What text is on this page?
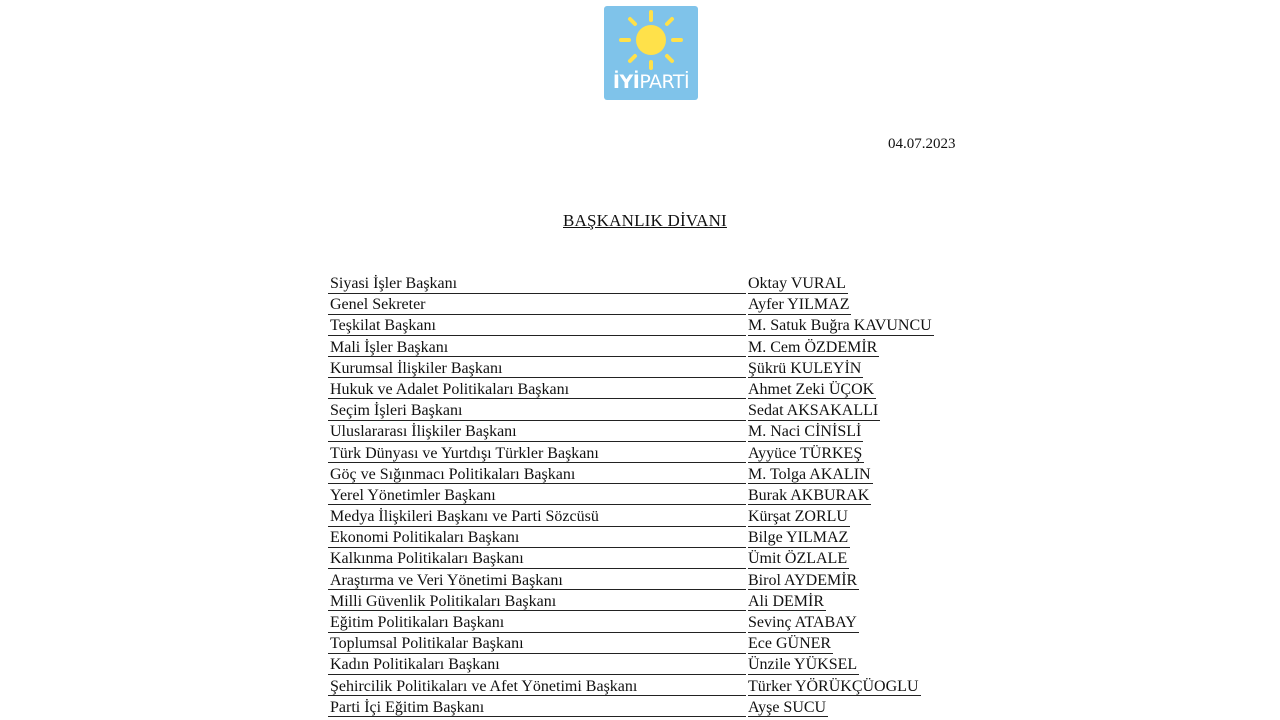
İYİPARTİ
04.07.2023
BAŞKANLIK DİVANI
Siyasi İşler Başkanı	Oktay VURAL
Genel Sekreter	Ayfer YILMAZ
Teşkilat Başkanı	M. Satuk Buğra KAVUNCU
Mali İşler Başkanı	M. Cem ÖZDEMİR
Kurumsal İlişkiler Başkanı	Şükrü KULEYİN
Hukuk ve Adalet Politikaları Başkanı	Ahmet Zeki ÜÇOK
Seçim İşleri Başkanı	Sedat AKSAKALLI
Uluslararası İlişkiler Başkanı	M. Naci CİNİSLİ
Türk Dünyası ve Yurtdışı Türkler Başkanı	Ayyüce TÜRKEŞ
Göç ve Sığınmacı Politikaları Başkanı	M. Tolga AKALIN
Yerel Yönetimler Başkanı	Burak AKBURAK
Medya İlişkileri Başkanı ve Parti Sözcüsü	Kürşat ZORLU
Ekonomi Politikaları Başkanı	Bilge YILMAZ
Kalkınma Politikaları Başkanı	Ümit ÖZLALE
Araştırma ve Veri Yönetimi Başkanı	Birol AYDEMİR
Milli Güvenlik Politikaları Başkanı	Ali DEMİR
Eğitim Politikaları Başkanı	Sevinç ATABAY
Toplumsal Politikalar Başkanı	Ece GÜNER
Kadın Politikaları Başkanı	Ünzile YÜKSEL
Şehircilik Politikaları ve Afet Yönetimi Başkanı	Türker YÖRÜKÇÜOGLU
Parti İçi Eğitim Başkanı	Ayşe SUCU
